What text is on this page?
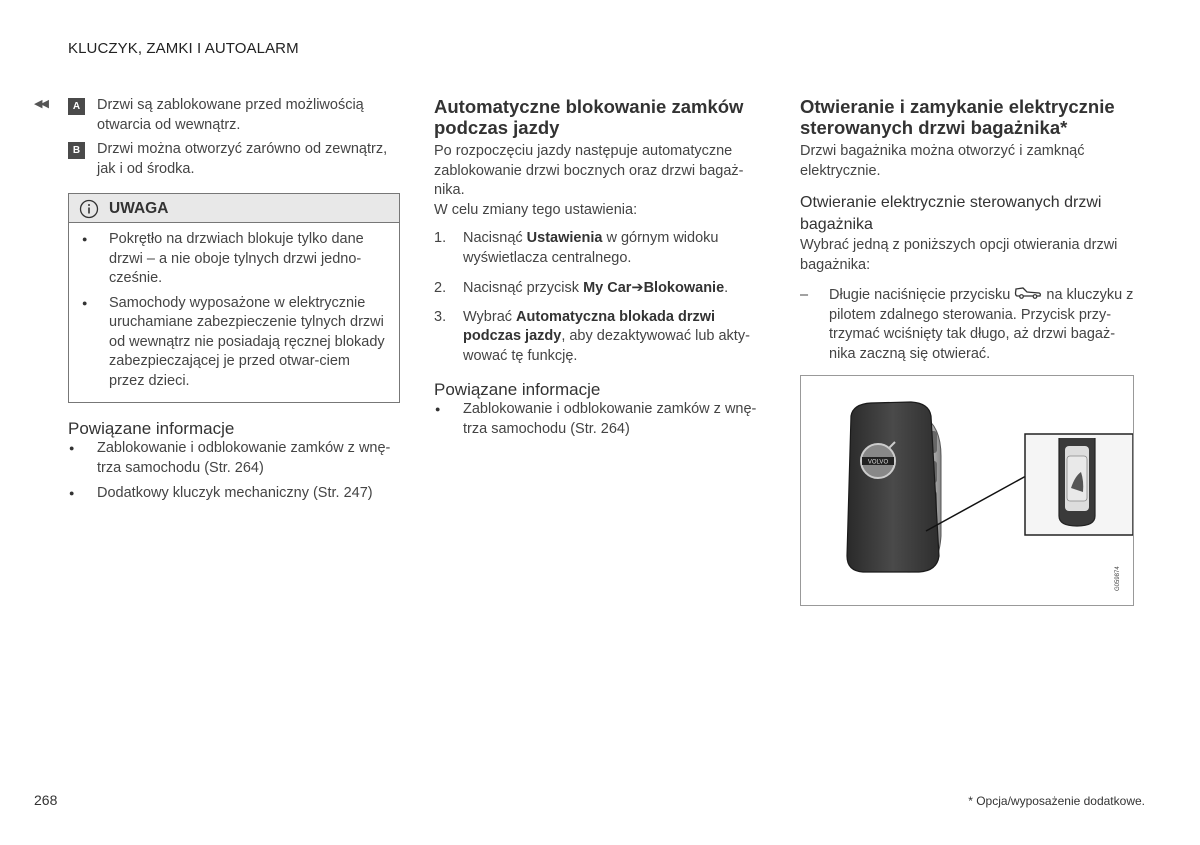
KLUCZYK, ZAMKI I AUTOALARM
◀◀	A	Drzwi są zablokowane przed możliwością otwarcia od wewnątrz.
B	Drzwi można otworzyć zarówno od zewnątrz, jak i od środka.
UWAGA
● Pokrętło na drzwiach blokuje tylko dane drzwi – a nie oboje tylnych drzwi jedno-cześnie.
● Samochody wyposażone w elektrycznie uruchamiane zabezpieczenie tylnych drzwi od wewnątrz nie posiadają ręcznej blokady zabezpieczającej je przed otwar-ciem przez dzieci.
Powiązane informacje
● Zablokowanie i odblokowanie zamków z wnę-trza samochodu (Str. 264)
● Dodatkowy kluczyk mechaniczny (Str. 247)
Automatyczne blokowanie zamków podczas jazdy
Po rozpoczęciu jazdy następuje automatyczne zablokowanie drzwi bocznych oraz drzwi bagaż-nika.
W celu zmiany tego ustawienia:
1. Nacisnąć Ustawienia w górnym widoku wyświetlacza centralnego.
2. Nacisnąć przycisk My Car➔Blokowanie.
3. Wybrać Automatyczna blokada drzwi podczas jazdy, aby dezaktywować lub akty-wować tę funkcję.
Powiązane informacje
● Zablokowanie i odblokowanie zamków z wnę-trza samochodu (Str. 264)
Otwieranie i zamykanie elektrycznie sterowanych drzwi bagażnika*
Drzwi bagażnika można otworzyć i zamknąć elektrycznie.
Otwieranie elektrycznie sterowanych drzwi bagażnika
Wybrać jedną z poniższych opcji otwierania drzwi bagażnika:
– Długie naciśnięcie przycisku  na kluczyku z pilotem zdalnego sterowania. Przycisk przy-trzymać wciśnięty tak długo, aż drzwi bagaż-nika zaczną się otwierać.
VOLVO
G059874
268	* Opcja/wyposażenie dodatkowe.
